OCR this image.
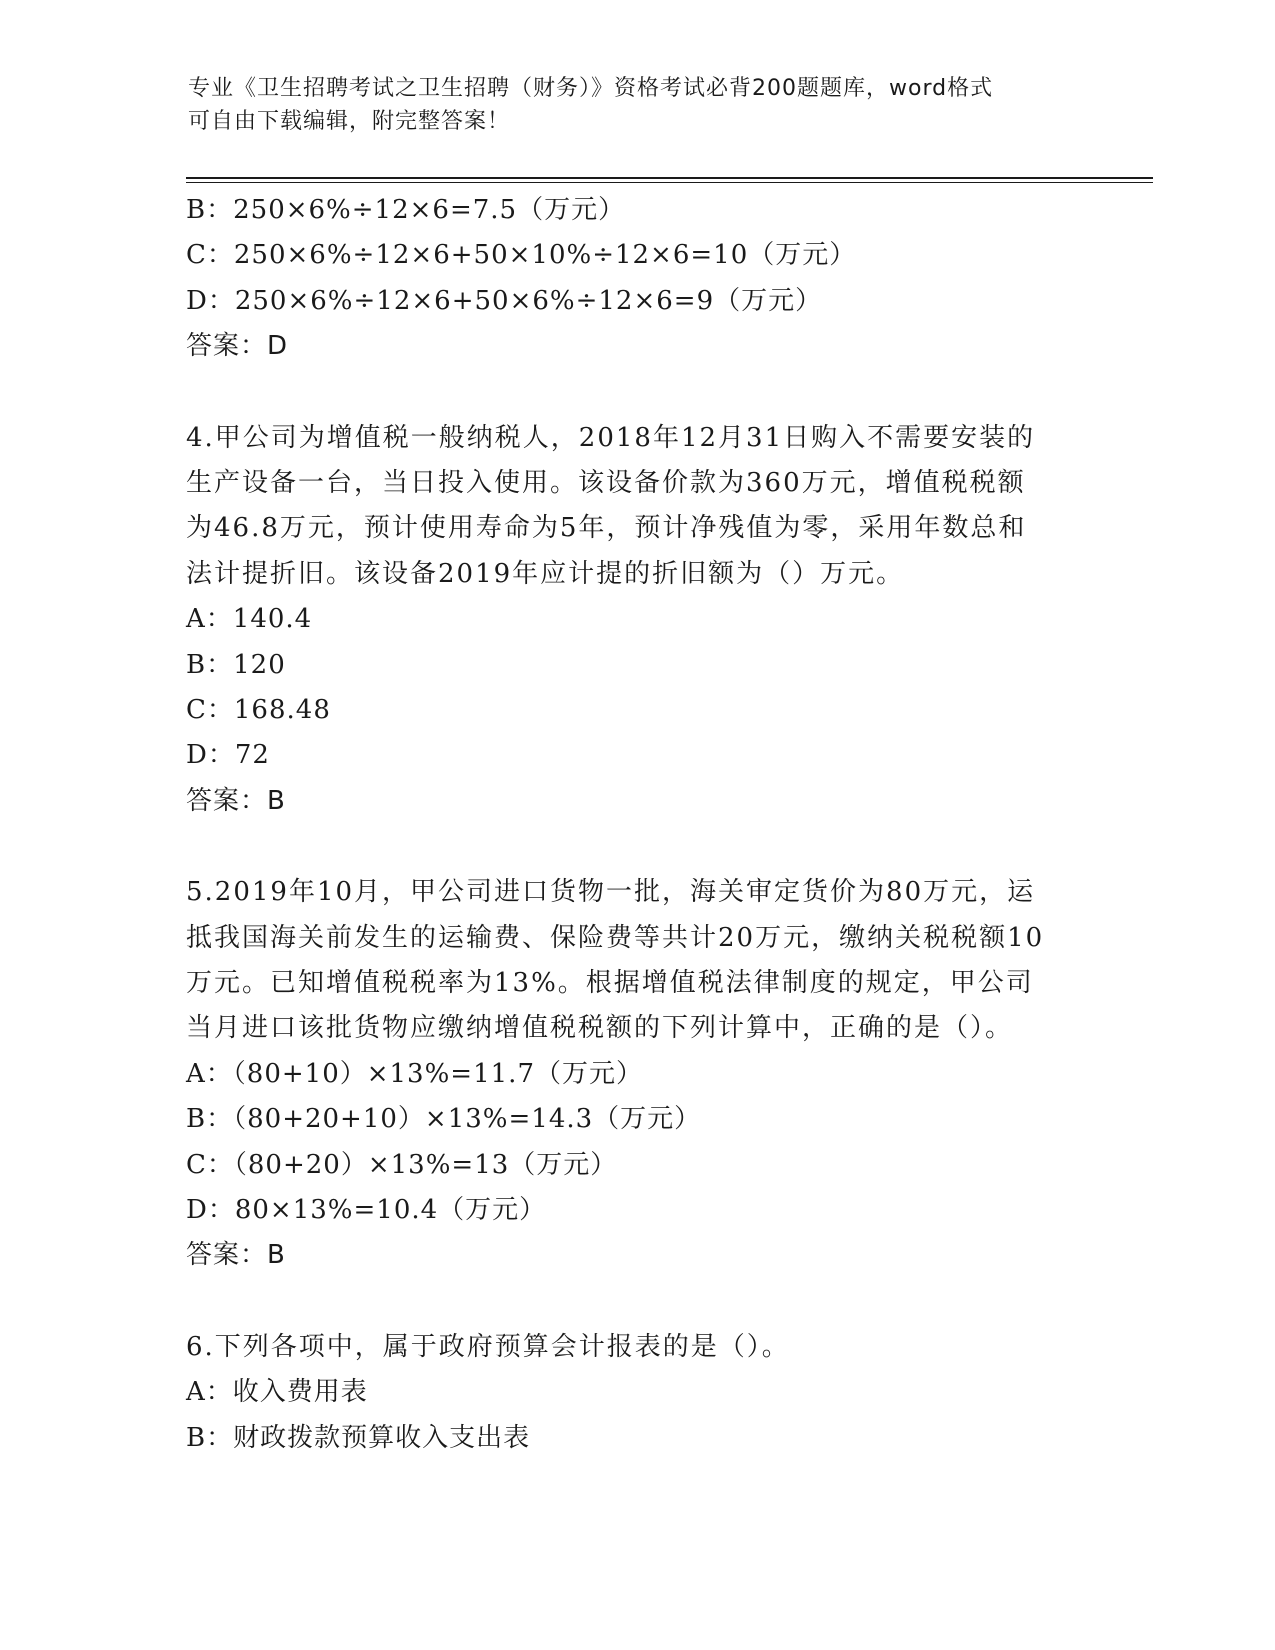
专业《卫生招聘考试之卫生招聘（财务）》资格考试必背200题题库，word格式
可自由下载编辑，附完整答案！
B：250×6%÷12×6=7.5（万元）
C：250×6%÷12×6+50×10%÷12×6=10（万元）
D：250×6%÷12×6+50×6%÷12×6=9（万元）
答案：D
4.甲公司为增值税一般纳税人，2018年12月31日购入不需要安装的
生产设备一台，当日投入使用。该设备价款为360万元，增值税税额
为46.8万元，预计使用寿命为5年，预计净残值为零，采用年数总和
法计提折旧。该设备2019年应计提的折旧额为（）万元。
A：140.4
B：120
C：168.48
D：72
答案：B
5.2019年10月，甲公司进口货物一批，海关审定货价为80万元，运
抵我国海关前发生的运输费、保险费等共计20万元，缴纳关税税额10
万元。已知增值税税率为13%。根据增值税法律制度的规定，甲公司
当月进口该批货物应缴纳增值税税额的下列计算中，正确的是（）。
A：（80+10）×13%=11.7（万元）
B：（80+20+10）×13%=14.3（万元）
C：（80+20）×13%=13（万元）
D：80×13%=10.4（万元）
答案：B
6.下列各项中，属于政府预算会计报表的是（）。
A：收入费用表
B：财政拨款预算收入支出表
